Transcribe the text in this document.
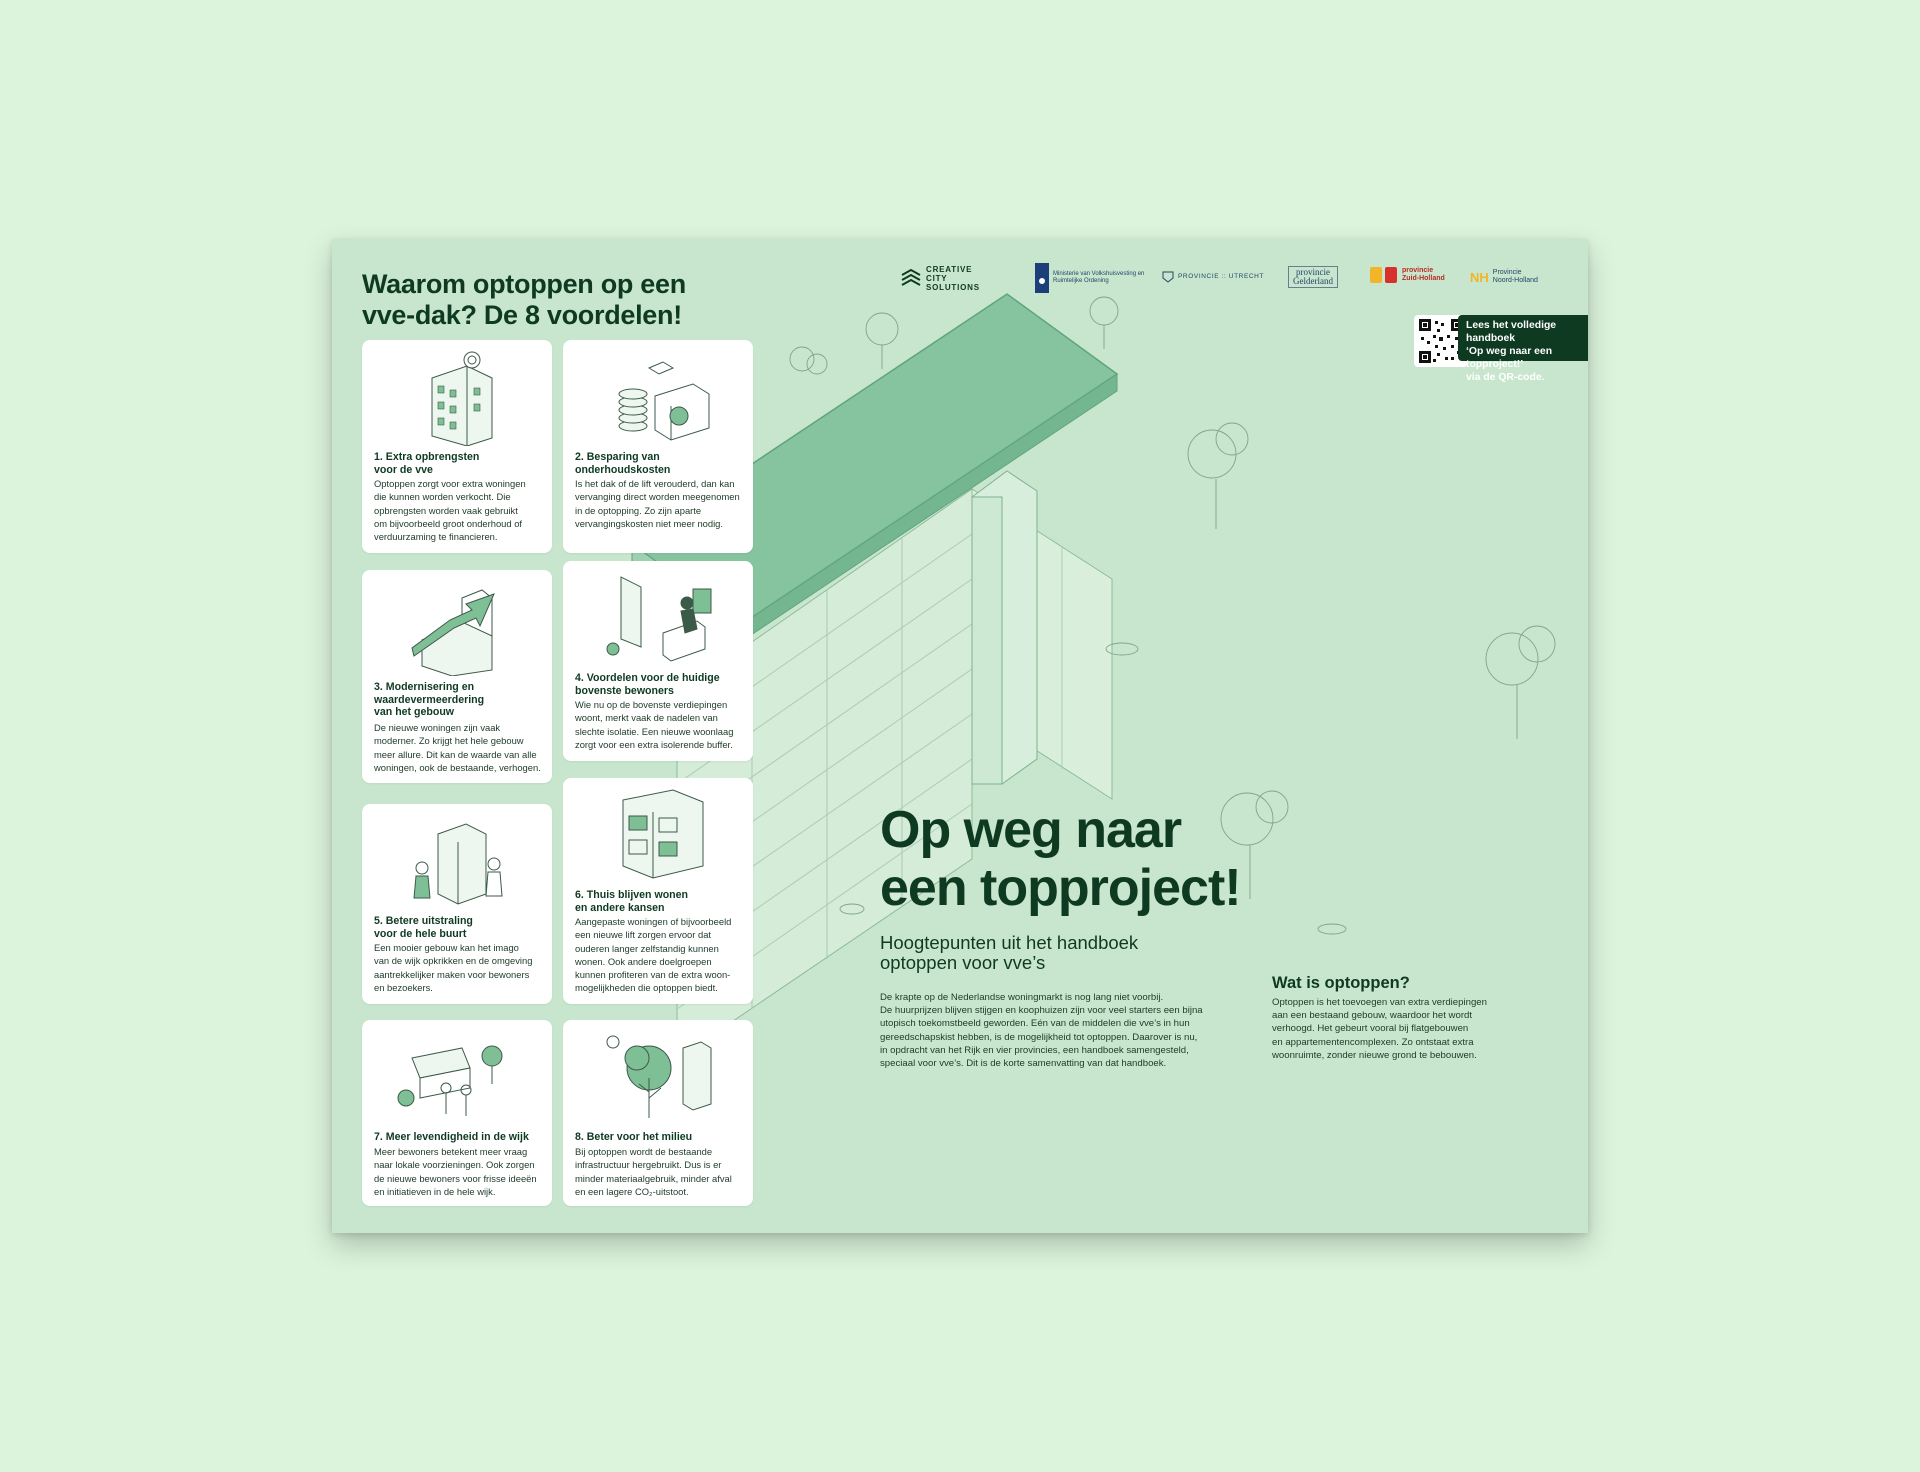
Waarom optoppen op een vve-dak? De 8 voordelen!
1. Extra opbrengsten
voor de vve

Optoppen zorgt voor extra woningen
die kunnen worden verkocht. Die
opbrengsten worden vaak gebruikt
om bijvoorbeeld groot onderhoud of
verduurzaming te financieren.

2. Besparing van
onderhoudskosten

Is het dak of de lift verouderd, dan kan
vervanging direct worden meegenomen
in de optopping. Zo zijn aparte
vervangingskosten niet meer nodig.

3. Modernisering en
waardevermeerdering
van het gebouw

De nieuwe woningen zijn vaak
moderner. Zo krijgt het hele gebouw
meer allure. Dit kan de waarde van alle
woningen, ook de bestaande, verhogen.

4. Voordelen voor de huidige
bovenste bewoners

Wie nu op de bovenste verdiepingen
woont, merkt vaak de nadelen van
slechte isolatie. Een nieuwe woonlaag
zorgt voor een extra isolerende buffer.

5. Betere uitstraling
voor de hele buurt

Een mooier gebouw kan het imago
van de wijk opkrikken en de omgeving
aantrekkelijker maken voor bewoners
en bezoekers.

6. Thuis blijven wonen
en andere kansen

Aangepaste woningen of bijvoorbeeld
een nieuwe lift zorgen ervoor dat
ouderen langer zelfstandig kunnen
wonen. Ook andere doelgroepen
kunnen profiteren van de extra woon-
mogelijkheden die optoppen biedt.

7. Meer levendigheid in de wijk

Meer bewoners betekent meer vraag
naar lokale voorzieningen. Ook zorgen
de nieuwe bewoners voor frisse ideeën
en initiatieven in de hele wijk.

8. Beter voor het milieu

Bij optoppen wordt de bestaande
infrastructuur hergebruikt. Dus is er
minder materiaalgebruik, minder afval
en een lagere CO₂-uitstoot.

CREATIVE
CITY
SOLUTIONS
Ministerie van Volkshuisvesting en
Ruimtelijke Ordening
PROVINCIE :: UTRECHT	provincie
Gelderland
provincie
Zuid-Holland NH Provincie
Noord-Holland
Lees het volledige handboek
‘Op weg naar een topproject!’
via de QR-code.
Op weg naar
een topproject!

Hoogtepunten uit het handboek
optoppen voor vve’s

De krapte op de Nederlandse woningmarkt is nog lang niet voorbij.
De huurprijzen blijven stijgen en koophuizen zijn voor veel starters een bijna
utopisch toekomstbeeld geworden. Eén van de middelen die vve’s in hun
gereedschapskist hebben, is de mogelijkheid tot optoppen. Daarover is nu,
in opdracht van het Rijk en vier provincies, een handboek samengesteld,
speciaal voor vve’s. Dit is de korte samenvatting van dat handboek.

Wat is optoppen?

Optoppen is het toevoegen van extra verdiepingen
aan een bestaand gebouw, waardoor het wordt
verhoogd. Het gebeurt vooral bij flatgebouwen
en appartementencomplexen. Zo ontstaat extra
woonruimte, zonder nieuwe grond te bebouwen.
